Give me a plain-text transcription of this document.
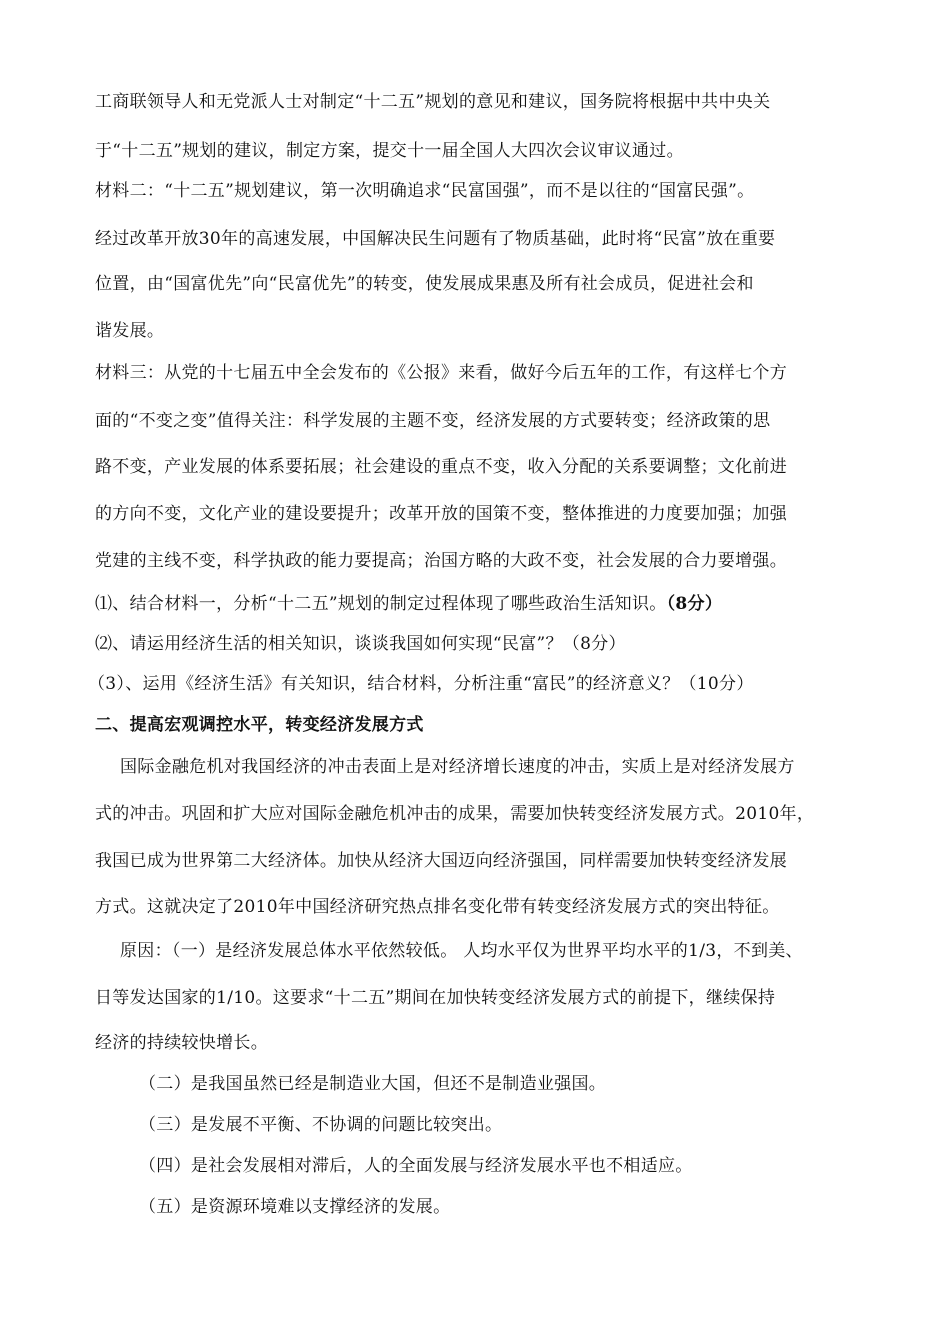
工商联领导人和无党派人士对制定“十二五”规划的意见和建议，国务院将根据中共中央关
于“十二五”规划的建议，制定方案，提交十一届全国人大四次会议审议通过。
材料二：“十二五”规划建议，第一次明确追求“民富国强”，而不是以往的“国富民强”。
经过改革开放30年的高速发展，中国解决民生问题有了物质基础，此时将“民富”放在重要
位置，由“国富优先”向“民富优先”的转变，使发展成果惠及所有社会成员，促进社会和
谐发展。
材料三：从党的十七届五中全会发布的《公报》来看，做好今后五年的工作，有这样七个方
面的“不变之变”值得关注：科学发展的主题不变，经济发展的方式要转变；经济政策的思
路不变，产业发展的体系要拓展；社会建设的重点不变，收入分配的关系要调整；文化前进
的方向不变，文化产业的建设要提升；改革开放的国策不变，整体推进的力度要加强；加强
党建的主线不变，科学执政的能力要提高；治国方略的大政不变，社会发展的合力要增强。
⑴、结合材料一，分析“十二五”规划的制定过程体现了哪些政治生活知识。（8分）
⑵、请运用经济生活的相关知识，谈谈我国如何实现“民富”？（8分）
（3）、运用《经济生活》有关知识，结合材料，分析注重“富民”的经济意义？（10分）
二、提高宏观调控水平，转变经济发展方式
国际金融危机对我国经济的冲击表面上是对经济增长速度的冲击，实质上是对经济发展方
式的冲击。巩固和扩大应对国际金融危机冲击的成果，需要加快转变经济发展方式。2010年，
我国已成为世界第二大经济体。加快从经济大国迈向经济强国，同样需要加快转变经济发展
方式。这就决定了2010年中国经济研究热点排名变化带有转变经济发展方式的突出特征。
原因：（一）是经济发展总体水平依然较低。 人均水平仅为世界平均水平的1/3，不到美、
日等发达国家的1/10。这要求“十二五”期间在加快转变经济发展方式的前提下，继续保持
经济的持续较快增长。
（二）是我国虽然已经是制造业大国，但还不是制造业强国。
（三）是发展不平衡、不协调的问题比较突出。
（四）是社会发展相对滞后，人的全面发展与经济发展水平也不相适应。
（五）是资源环境难以支撑经济的发展。
